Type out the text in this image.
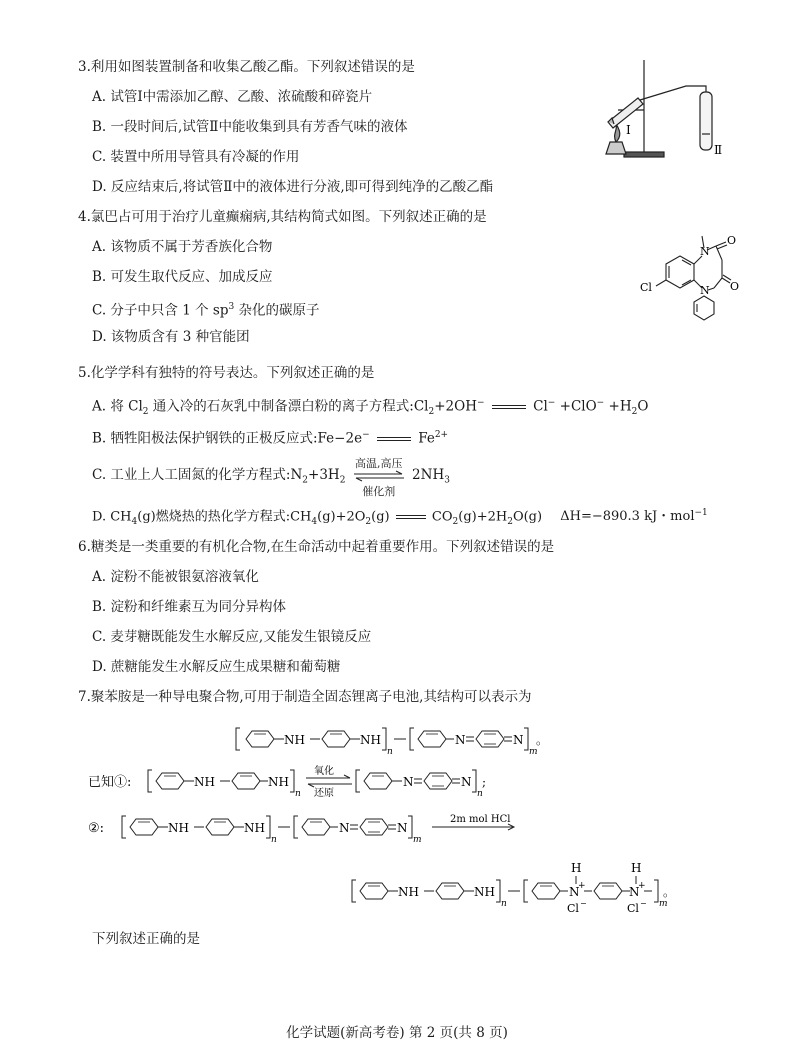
3.利用如图装置制备和收集乙酸乙酯。下列叙述错误的是
A. 试管Ⅰ中需添加乙醇、乙酸、浓硫酸和碎瓷片
B. 一段时间后,试管Ⅱ中能收集到具有芳香气味的液体
C. 装置中所用导管具有冷凝的作用
D. 反应结束后,将试管Ⅱ中的液体进行分液,即可得到纯净的乙酸乙酯
Ⅰ
Ⅱ
4.氯巴占可用于治疗儿童癫痫病,其结构简式如图。下列叙述正确的是
A. 该物质不属于芳香族化合物
B. 可发生取代反应、加成反应
C. 分子中只含 1 个 $sp^3$ 杂化的碳原子
D. 该物质含有 3 种官能团
Cl
N
N
O
O
5.化学学科有独特的符号表达。下列叙述正确的是
A. 将 $Cl_2$ 通入冷的石灰乳中制备漂白粉的离子方程式$:Cl_2+2OH^-$	$Cl^- +ClO^- +H_2O$
B. 牺牲阳极法保护钢铁的正极反应式:Fe−2e−	$Fe^{2+}$
C. 工业上人工固氮的化学方程式$:N_2+3H_2$
高温,高压
催化剂
$2NH_3$
D. $CH_4(g)$燃烧热的热化学方程式$:CH_4(g)+2O_2(g)$	$CO_2(g)+2H_2O(g)$ ΔH=−890.3 kJ・mol$^{-1}$
6.糖类是一类重要的有机化合物,在生命活动中起着重要作用。下列叙述错误的是
A. 淀粉不能被银氨溶液氧化
B. 淀粉和纤维素互为同分异构体
C. 麦芽糖既能发生水解反应,又能发生银镜反应
D. 蔗糖能发生水解反应生成果糖和葡萄糖
7.聚苯胺是一种导电聚合物,可用于制造全固态锂离子电池,其结构可以表示为
NH	NH
n
N	N
m
。
已知①:	NH	NH
n
氧化
还原
N	N
n
;
②:	NH	NH
n
N	N
m
2m mol HCl
NH	NH
n
H
N
+
Cl −
H
N
+
Cl − m
。
下列叙述正确的是
化学试题(新高考卷) 第 2 页(共 8 页)
